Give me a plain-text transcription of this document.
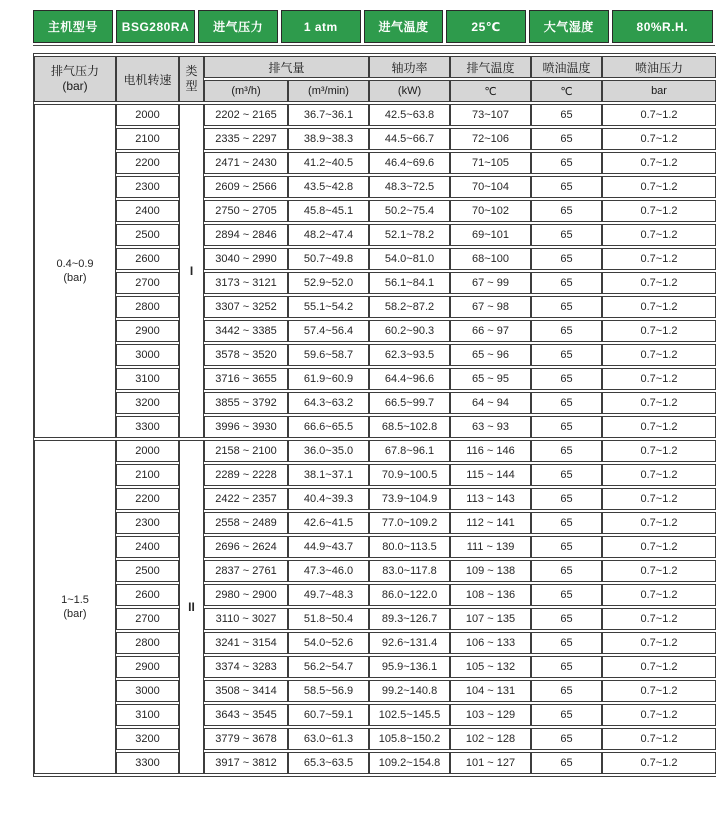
主机型号	BSG280RA	进气压力	1 atm	进气温度	25℃	大气湿度	80%R.H.
排气压力
(bar)	电机转速	类型	排气量		轴功率	排气温度	喷油温度	喷油压力
			(m³/h)	(m³/min)	(kW)	℃	℃	bar

0.4~0.9
(bar)	2000	I	2202 ~ 2165	36.7~36.1	42.5~63.8	73~107	65	0.7~1.2
	2100		2335 ~ 2297	38.9~38.3	44.5~66.7	72~106	65	0.7~1.2
	2200		2471 ~ 2430	41.2~40.5	46.4~69.6	71~105	65	0.7~1.2
	2300		2609 ~ 2566	43.5~42.8	48.3~72.5	70~104	65	0.7~1.2
	2400		2750 ~ 2705	45.8~45.1	50.2~75.4	70~102	65	0.7~1.2
	2500		2894 ~ 2846	48.2~47.4	52.1~78.2	69~101	65	0.7~1.2
	2600		3040 ~ 2990	50.7~49.8	54.0~81.0	68~100	65	0.7~1.2
	2700		3173 ~ 3121	52.9~52.0	56.1~84.1	67 ~ 99	65	0.7~1.2
	2800		3307 ~ 3252	55.1~54.2	58.2~87.2	67 ~ 98	65	0.7~1.2
	2900		3442 ~ 3385	57.4~56.4	60.2~90.3	66 ~ 97	65	0.7~1.2
	3000		3578 ~ 3520	59.6~58.7	62.3~93.5	65 ~ 96	65	0.7~1.2
	3100		3716 ~ 3655	61.9~60.9	64.4~96.6	65 ~ 95	65	0.7~1.2
	3200		3855 ~ 3792	64.3~63.2	66.5~99.7	64 ~ 94	65	0.7~1.2
	3300		3996 ~ 3930	66.6~65.5	68.5~102.8	63 ~ 93	65	0.7~1.2

1~1.5
(bar)	2000	II	2158 ~ 2100	36.0~35.0	67.8~96.1	116 ~ 146	65	0.7~1.2
	2100		2289 ~ 2228	38.1~37.1	70.9~100.5	115 ~ 144	65	0.7~1.2
	2200		2422 ~ 2357	40.4~39.3	73.9~104.9	113 ~ 143	65	0.7~1.2
	2300		2558 ~ 2489	42.6~41.5	77.0~109.2	112 ~ 141	65	0.7~1.2
	2400		2696 ~ 2624	44.9~43.7	80.0~113.5	111 ~ 139	65	0.7~1.2
	2500		2837 ~ 2761	47.3~46.0	83.0~117.8	109 ~ 138	65	0.7~1.2
	2600		2980 ~ 2900	49.7~48.3	86.0~122.0	108 ~ 136	65	0.7~1.2
	2700		3110 ~ 3027	51.8~50.4	89.3~126.7	107 ~ 135	65	0.7~1.2
	2800		3241 ~ 3154	54.0~52.6	92.6~131.4	106 ~ 133	65	0.7~1.2
	2900		3374 ~ 3283	56.2~54.7	95.9~136.1	105 ~ 132	65	0.7~1.2
	3000		3508 ~ 3414	58.5~56.9	99.2~140.8	104 ~ 131	65	0.7~1.2
	3100		3643 ~ 3545	60.7~59.1	102.5~145.5	103 ~ 129	65	0.7~1.2
	3200		3779 ~ 3678	63.0~61.3	105.8~150.2	102 ~ 128	65	0.7~1.2
	3300		3917 ~ 3812	65.3~63.5	109.2~154.8	101 ~ 127	65	0.7~1.2
